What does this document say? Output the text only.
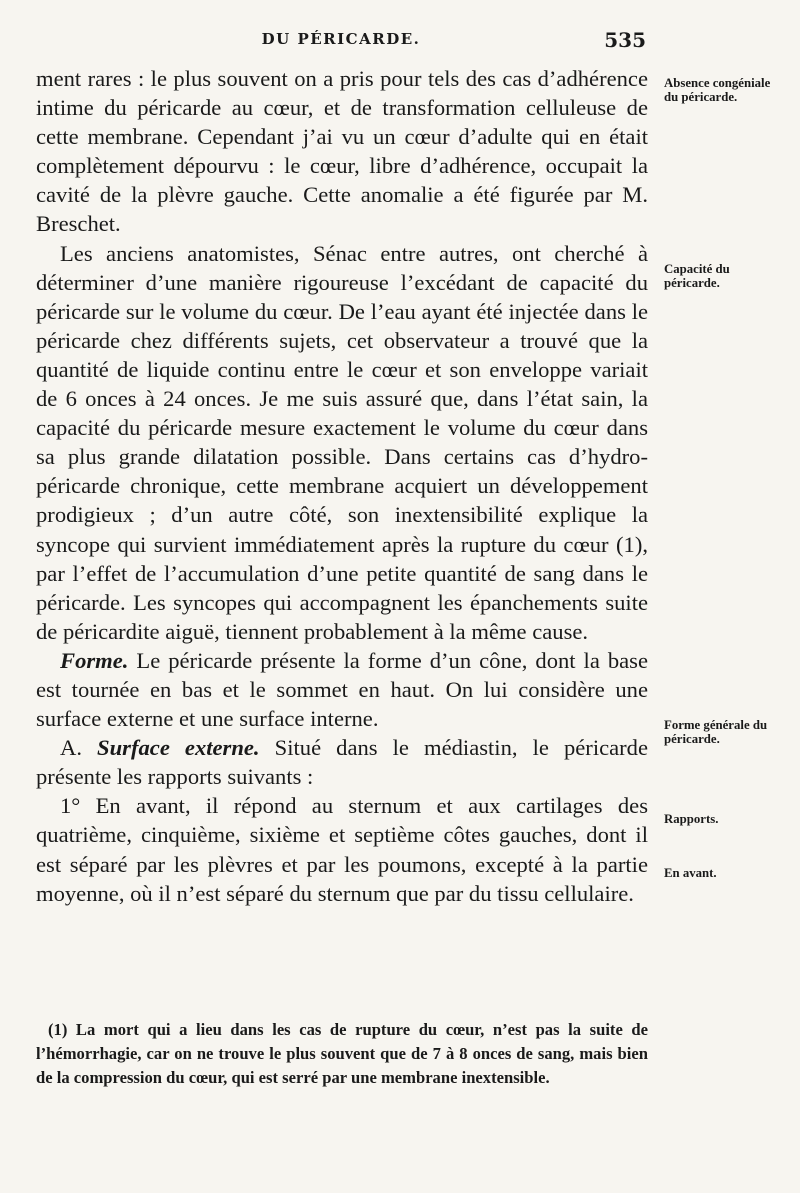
DU PÉRICARDE.	535

ment rares : le plus souvent on a pris pour tels des cas d’adhérence intime du péricarde au cœur, et de transformation celluleuse de cette membrane. Cependant j’ai vu un cœur d’adulte qui en était complètement dépourvu : le cœur, libre d’adhérence, occupait la cavité de la plèvre gauche. Cette anomalie a été figurée par M. Breschet.

Les anciens anatomistes, Sénac entre autres, ont cherché à déterminer d’une manière rigoureuse l’excédant de capacité du péricarde sur le volume du cœur. De l’eau ayant été injectée dans le péricarde chez différents sujets, cet observateur a trouvé que la quantité de liquide continu entre le cœur et son enveloppe variait de 6 onces à 24 onces. Je me suis assuré que, dans l’état sain, la capacité du péricarde mesure exactement le volume du cœur dans sa plus grande dilatation possible. Dans certains cas d’hydro-péricarde chronique, cette membrane acquiert un développement prodigieux ; d’un autre côté, son inextensibilité explique la syncope qui survient immédiatement après la rupture du cœur (1), par l’effet de l’accumulation d’une petite quantité de sang dans le péricarde. Les syncopes qui accompagnent les épanchements suite de péricardite aiguë, tiennent probablement à la même cause.

Forme. Le péricarde présente la forme d’un cône, dont la base est tournée en bas et le sommet en haut. On lui considère une surface externe et une surface interne.

A. Surface externe. Situé dans le médiastin, le péricarde présente les rapports suivants :

1° En avant, il répond au sternum et aux cartilages des quatrième, cinquième, sixième et septième côtes gauches, dont il est séparé par les plèvres et par les poumons, excepté à la partie moyenne, où il n’est séparé du sternum que par du tissu cellulaire.

(1) La mort qui a lieu dans les cas de rupture du cœur, n’est pas la suite de l’hémorrhagie, car on ne trouve le plus souvent que de 7 à 8 onces de sang, mais bien de la compression du cœur, qui est serré par une membrane inextensible.

Absence congéniale du péricarde.
Capacité du péricarde.
Forme générale du péricarde.
Rapports.
En avant.
